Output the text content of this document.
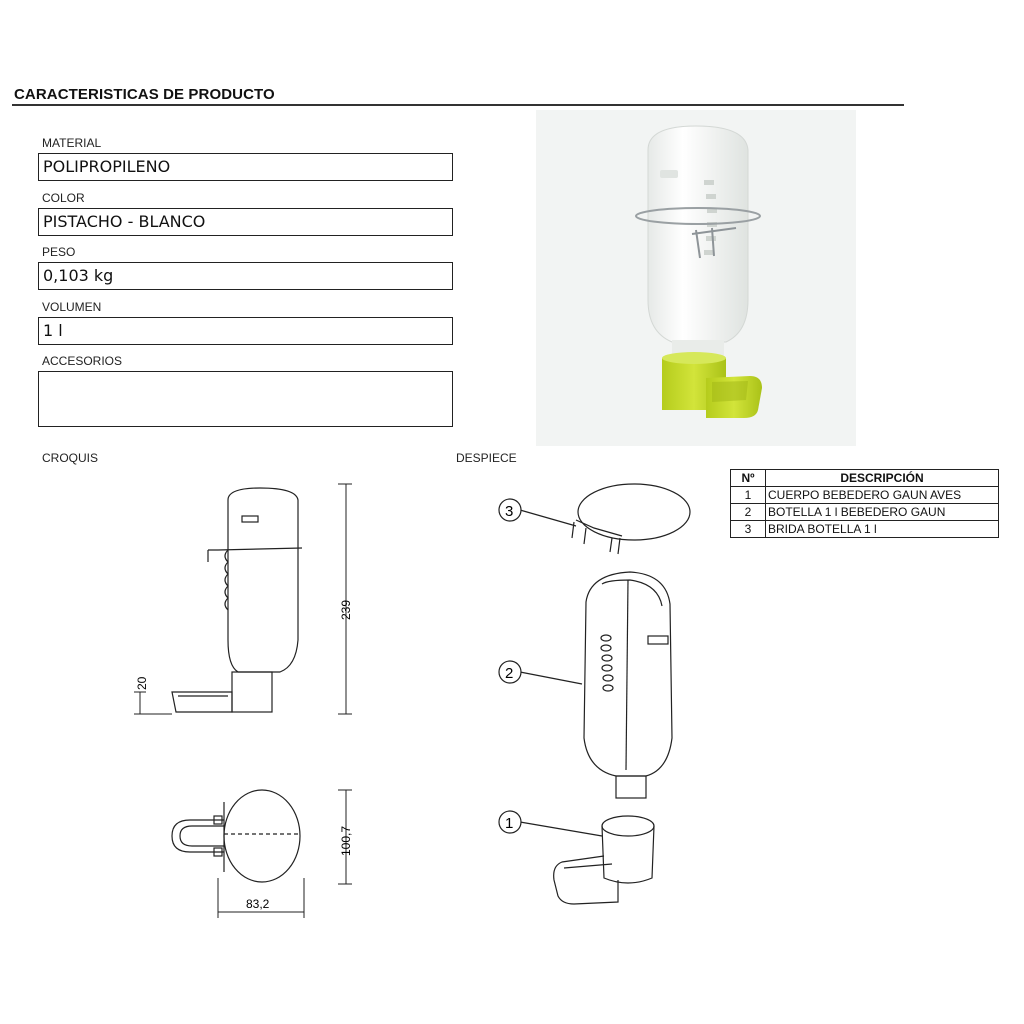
CARACTERISTICAS DE PRODUCTO
MATERIAL
POLIPROPILENO
COLOR
PISTACHO - BLANCO
PESO
0,103 kg
VOLUMEN
1 l
ACCESORIOS
CROQUIS	DESPIECE
Nº	DESCRIPCIÓN
1	CUERPO BEBEDERO GAUN AVES
2	BOTELLA 1 l BEBEDERO GAUN
3	BRIDA BOTELLA 1 l
239
20
100,7
83,2
3
2
1
